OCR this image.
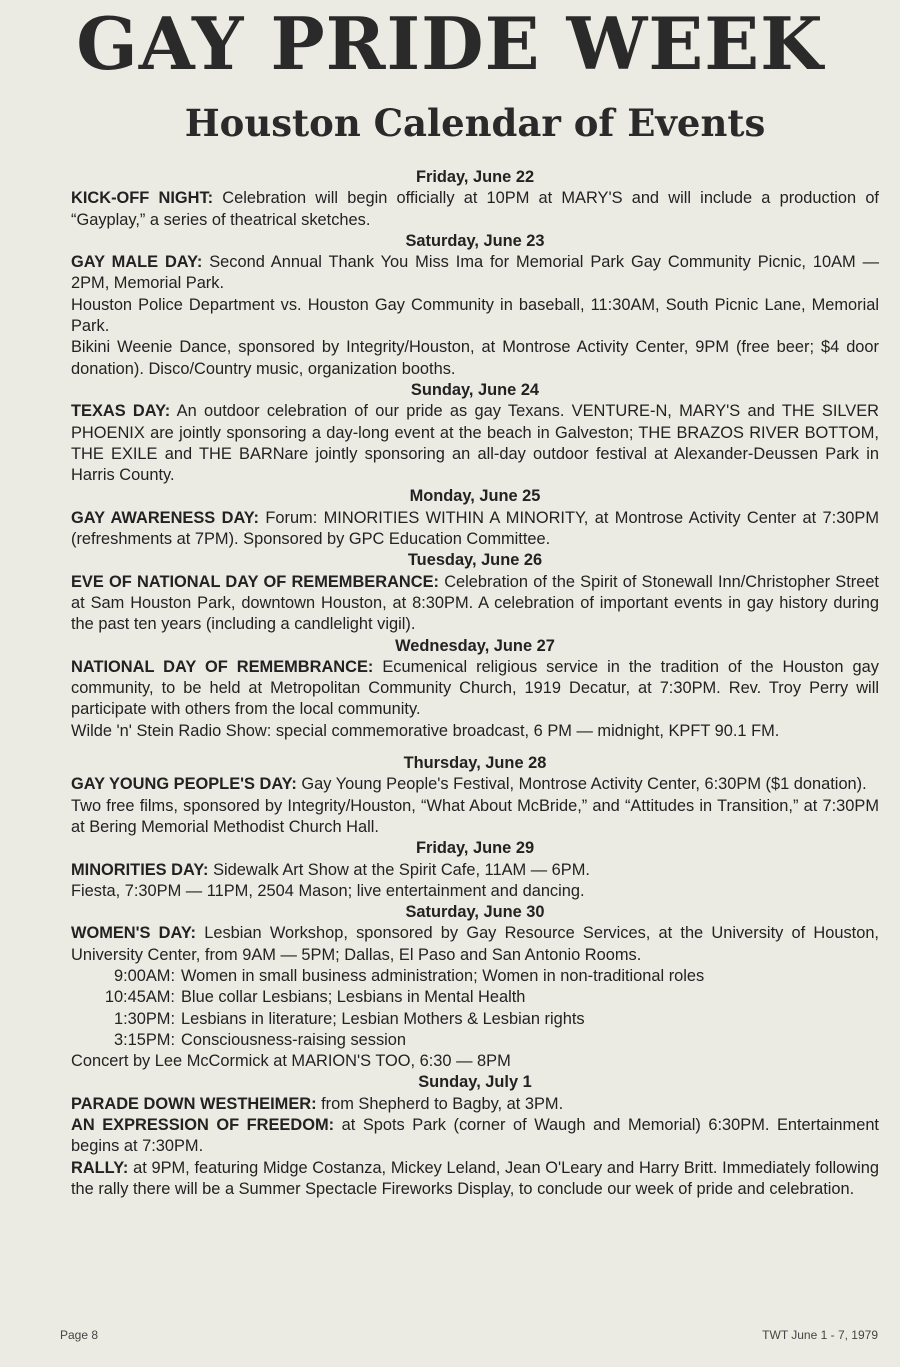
GAY PRIDE WEEK
Houston Calendar of Events
Friday, June 22
KICK-OFF NIGHT: Celebration will begin officially at 10PM at MARY'S and will include a production of “Gayplay,” a series of theatrical sketches.
Saturday, June 23
GAY MALE DAY: Second Annual Thank You Miss Ima for Memorial Park Gay Community Picnic, 10AM — 2PM, Memorial Park.
Houston Police Department vs. Houston Gay Community in baseball, 11:30AM, South Picnic Lane, Memorial Park.
Bikini Weenie Dance, sponsored by Integrity/Houston, at Montrose Activity Center, 9PM (free beer; $4 door donation). Disco/Country music, organization booths.
Sunday, June 24
TEXAS DAY: An outdoor celebration of our pride as gay Texans. VENTURE-N, MARY'S and THE SILVER PHOENIX are jointly sponsoring a day-long event at the beach in Galveston; THE BRAZOS RIVER BOTTOM, THE EXILE and THE BARNare jointly sponsoring an all-day outdoor festival at Alexander-Deussen Park in Harris County.
Monday, June 25
GAY AWARENESS DAY: Forum: MINORITIES WITHIN A MINORITY, at Montrose Activity Center at 7:30PM (refreshments at 7PM). Sponsored by GPC Education Committee.
Tuesday, June 26
EVE OF NATIONAL DAY OF REMEMBERANCE: Celebration of the Spirit of Stonewall Inn/Christopher Street at Sam Houston Park, downtown Houston, at 8:30PM. A celebration of important events in gay history during the past ten years (including a candlelight vigil).
Wednesday, June 27
NATIONAL DAY OF REMEMBRANCE: Ecumenical religious service in the tradition of the Houston gay community, to be held at Metropolitan Community Church, 1919 Decatur, at 7:30PM. Rev. Troy Perry will participate with others from the local community.
Wilde 'n' Stein Radio Show: special commemorative broadcast, 6 PM — midnight, KPFT 90.1 FM.
Thursday, June 28
GAY YOUNG PEOPLE'S DAY: Gay Young People's Festival, Montrose Activity Center, 6:30PM ($1 donation).
Two free films, sponsored by Integrity/Houston, “What About McBride,” and “Attitudes in Transition,” at 7:30PM at Bering Memorial Methodist Church Hall.
Friday, June 29
MINORITIES DAY: Sidewalk Art Show at the Spirit Cafe, 11AM — 6PM.
Fiesta, 7:30PM — 11PM, 2504 Mason; live entertainment and dancing.
Saturday, June 30
WOMEN'S DAY: Lesbian Workshop, sponsored by Gay Resource Services, at the University of Houston, University Center, from 9AM — 5PM; Dallas, El Paso and San Antonio Rooms.
9:00AM: Women in small business administration; Women in non-traditional roles
10:45AM: Blue collar Lesbians; Lesbians in Mental Health
1:30PM: Lesbians in literature; Lesbian Mothers & Lesbian rights
3:15PM: Consciousness-raising session
Concert by Lee McCormick at MARION'S TOO, 6:30 — 8PM
Sunday, July 1
PARADE DOWN WESTHEIMER: from Shepherd to Bagby, at 3PM.
AN EXPRESSION OF FREEDOM: at Spots Park (corner of Waugh and Memorial) 6:30PM. Entertainment begins at 7:30PM.
RALLY: at 9PM, featuring Midge Costanza, Mickey Leland, Jean O'Leary and Harry Britt. Immediately following the rally there will be a Summer Spectacle Fireworks Display, to conclude our week of pride and celebration.
Page 8	TWT June 1 - 7, 1979
